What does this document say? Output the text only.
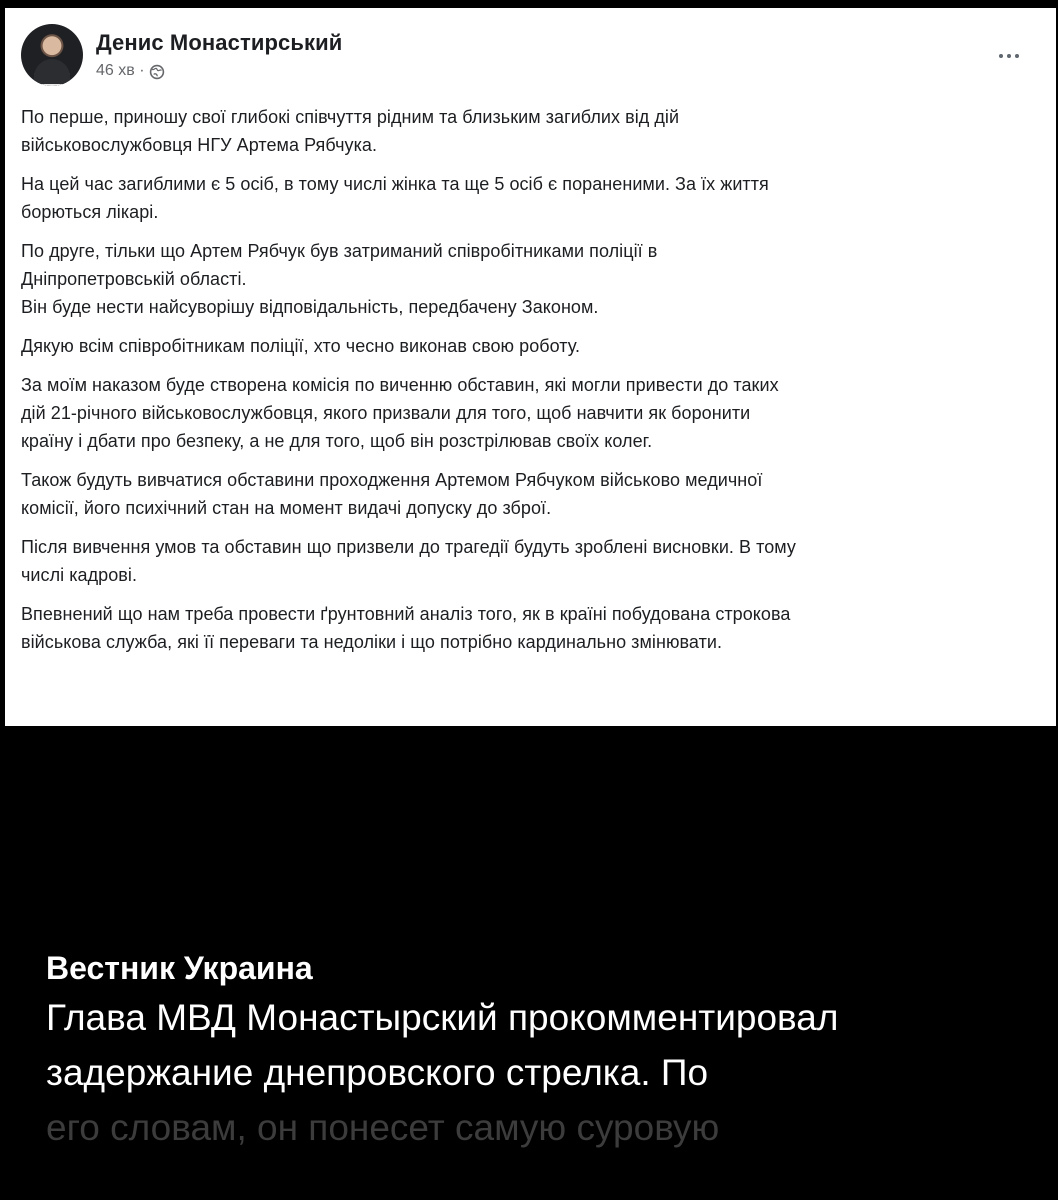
Денис Монастирський
46 хв ·

По перше, приношу свої глибокі співчуття рідним та близьким загиблих від дій
військовослужбовця НГУ Артема Рябчука.

На цей час загиблими є 5 осіб, в тому числі жінка та ще 5 осіб є пораненими. За їх життя
борються лікарі.

По друге, тільки що Артем Рябчук був затриманий співробітниками поліції в
Дніпропетровській області.
Він буде нести найсуворішу відповідальність, передбачену Законом.

Дякую всім співробітникам поліції, хто чесно виконав свою роботу.

За моїм наказом буде створена комісія по виченню обставин, які могли привести до таких
дій 21-річного військовослужбовця, якого призвали для того, щоб навчити як боронити
країну і дбати про безпеку, а не для того, щоб він розстрілював своїх колег.

Також будуть вивчатися обставини проходження Артемом Рябчуком військово медичної
комісії, його психічний стан на момент видачі допуску до зброї.

Після вивчення умов та обставин що призвели до трагедії будуть зроблені висновки. В тому
числі кадрові.

Впевнений що нам треба провести ґрунтовний аналіз того, як в країні побудована строкова
військова служба, які її переваги та недоліки і що потрібно кардинально змінювати.

Вестник Украина
Глава МВД Монастырский прокомментировал
задержание днепровского стрелка. По
его словам, он понесет самую суровую
